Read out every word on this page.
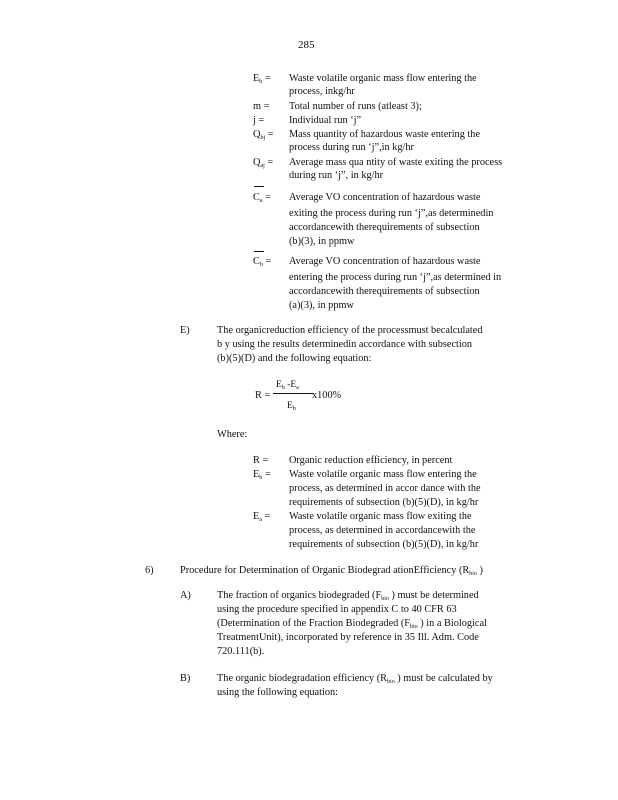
285
$E_b$ = Waste volatile organic mass flow entering the
process, inkg/hr
m = Total number of runs (atleast 3);
j = Individual run ‘j”
$Q_{bj}$ = Mass quantity of hazardous waste entering the
process during run ‘j”,in kg/hr
$Q_{aj}$ = Average mass qua ntity of waste exiting the process
during run ‘j”, in kg/hr
$C_a$ = Average VO concentration of hazardous waste
exiting the process during run ‘j”,as determinedin
accordancewith therequirements of subsection
(b)(3), in ppmw
$C_b$ = Average VO concentration of hazardous waste
entering the process during run ‘j”,as determined in
accordancewith therequirements of subsection
(a)(3), in ppmw
E)	The organicreduction efficiency of the processmust becalculated
b y using the results determinedin accordance with subsection
(b)(5)(D) and the following equation:
R =
$E_b$ $-E_a$
$E_b$
x100%
Where:
R = Organic reduction efficiency, in percent
$E_b$ = Waste volatile organic mass flow entering the
process, as determined in accor dance with the
requirements of subsection (b)(5)(D), in kg/hr
$E_a$ = Waste volatile organic mass flow exiting the
process, as determined in accordancewith the
requirements of subsection (b)(5)(D), in kg/hr
6)	Procedure for Determination of Organic Biodegrad ationEfficiency ($R_{bio}$ )
A)	The fraction of organics biodegraded ($F_{bio}$ ) must be determined
using the procedure specified in appendix C to 40 CFR 63
(Determination of the Fraction Biodegraded ($F_{bio}$ ) in a Biological
TreatmentUnit), incorporated by reference in 35 Ill. Adm. Code
720.111(b).
B)	The organic biodegradation efficiency ($R_{bio}$ ) must be calculated by
using the following equation:
